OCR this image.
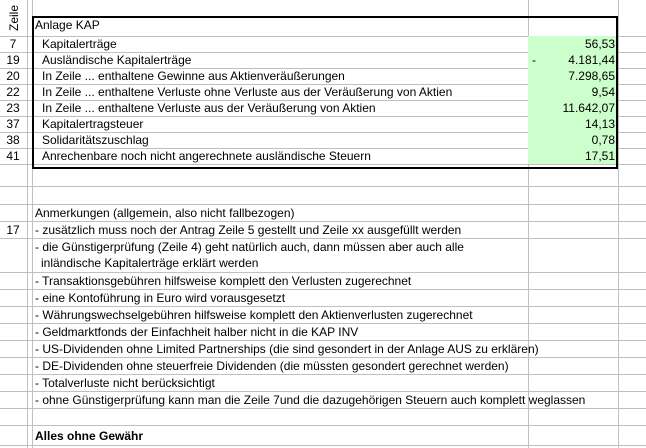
Zeile Anlage KAP
7	Kapitalerträge	56,53
19	Ausländische Kapitalerträge	4.181,44
-
20	In Zeile ... enthaltene Gewinne aus Aktienveräußerungen	7.298,65
22	In Zeile ... enthaltene Verluste ohne Verluste aus der Veräußerung von Aktien	9,54
23	In Zeile ... enthaltene Verluste aus der Veräußerung von Aktien	11.642,07
37	Kapitalertragsteuer	14,13
38	Solidaritätszuschlag	0,78
41	Anrechenbare noch nicht angerechnete ausländische Steuern	17,51
Anmerkungen (allgemein, also nicht fallbezogen)
17	- zusätzlich muss noch der Antrag Zeile 5 gestellt und Zeile xx ausgefüllt werden
- die Günstigerprüfung (Zeile 4) geht natürlich auch, dann müssen aber auch alle
inländische Kapitalerträge erklärt werden
- Transaktionsgebühren hilfsweise komplett den Verlusten zugerechnet
- eine Kontoführung in Euro wird vorausgesetzt
- Währungswechselgebühren hilfsweise komplett den Aktienverlusten zugerechnet
- Geldmarktfonds der Einfachheit halber nicht in die KAP INV
- US-Dividenden ohne Limited Partnerships (die sind gesondert in der Anlage AUS zu erklären)
- DE-Dividenden ohne steuerfreie Dividenden (die müssten gesondert gerechnet werden)
- Totalverluste nicht berücksichtigt
- ohne Günstigerprüfung kann man die Zeile 7und die dazugehörigen Steuern auch komplett weglassen
Alles ohne Gewähr
